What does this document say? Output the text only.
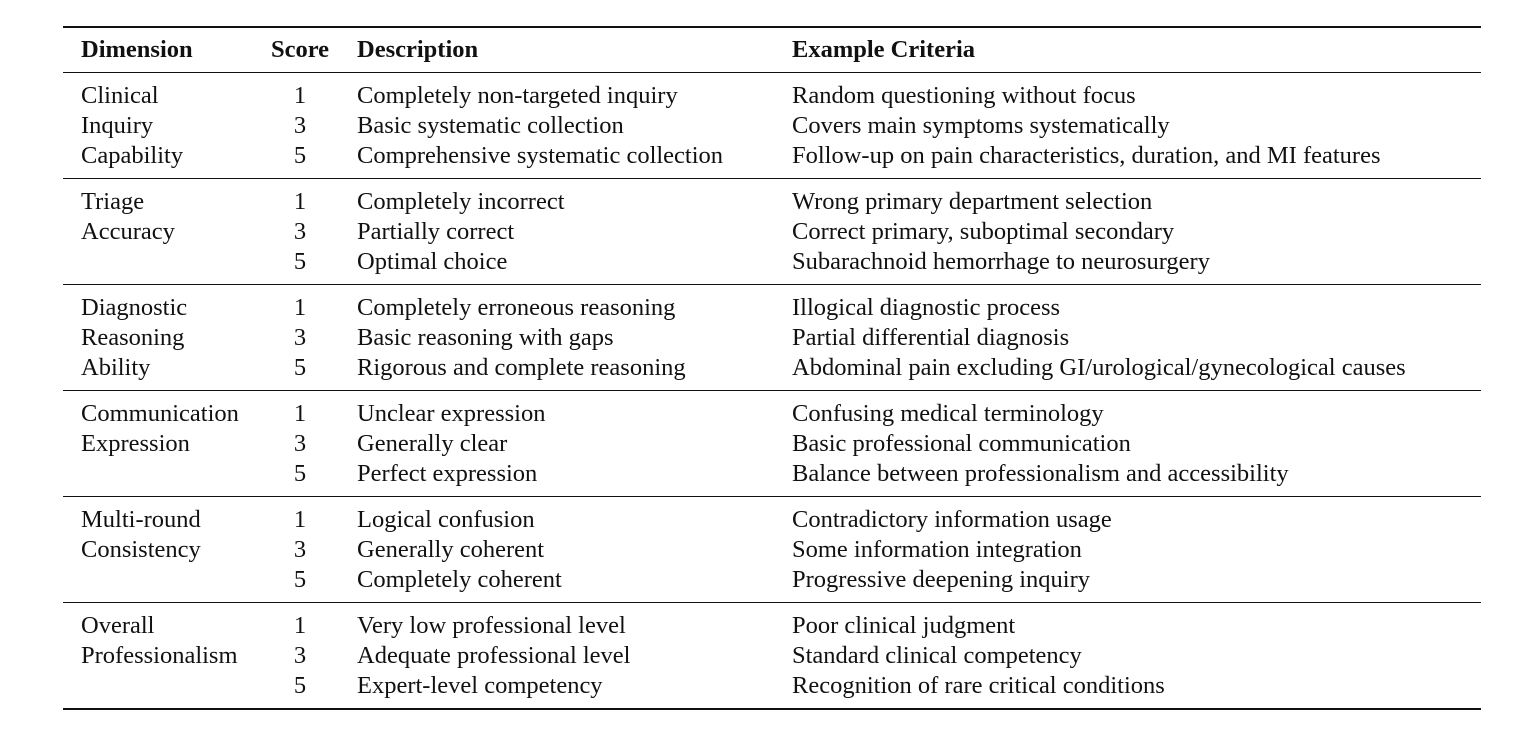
Dimension	Score	Description	Example Criteria
Clinical	1	Completely non-targeted inquiry	Random questioning without focus
Inquiry	3	Basic systematic collection	Covers main symptoms systematically
Capability	5	Comprehensive systematic collection	Follow-up on pain characteristics, duration, and MI features
Triage	1	Completely incorrect	Wrong primary department selection
Accuracy	3	Partially correct	Correct primary, suboptimal secondary
	5	Optimal choice	Subarachnoid hemorrhage to neurosurgery
Diagnostic	1	Completely erroneous reasoning	Illogical diagnostic process
Reasoning	3	Basic reasoning with gaps	Partial differential diagnosis
Ability	5	Rigorous and complete reasoning	Abdominal pain excluding GI/urological/gynecological causes
Communication	1	Unclear expression	Confusing medical terminology
Expression	3	Generally clear	Basic professional communication
	5	Perfect expression	Balance between professionalism and accessibility
Multi-round	1	Logical confusion	Contradictory information usage
Consistency	3	Generally coherent	Some information integration
	5	Completely coherent	Progressive deepening inquiry
Overall	1	Very low professional level	Poor clinical judgment
Professionalism	3	Adequate professional level	Standard clinical competency
	5	Expert-level competency	Recognition of rare critical conditions
